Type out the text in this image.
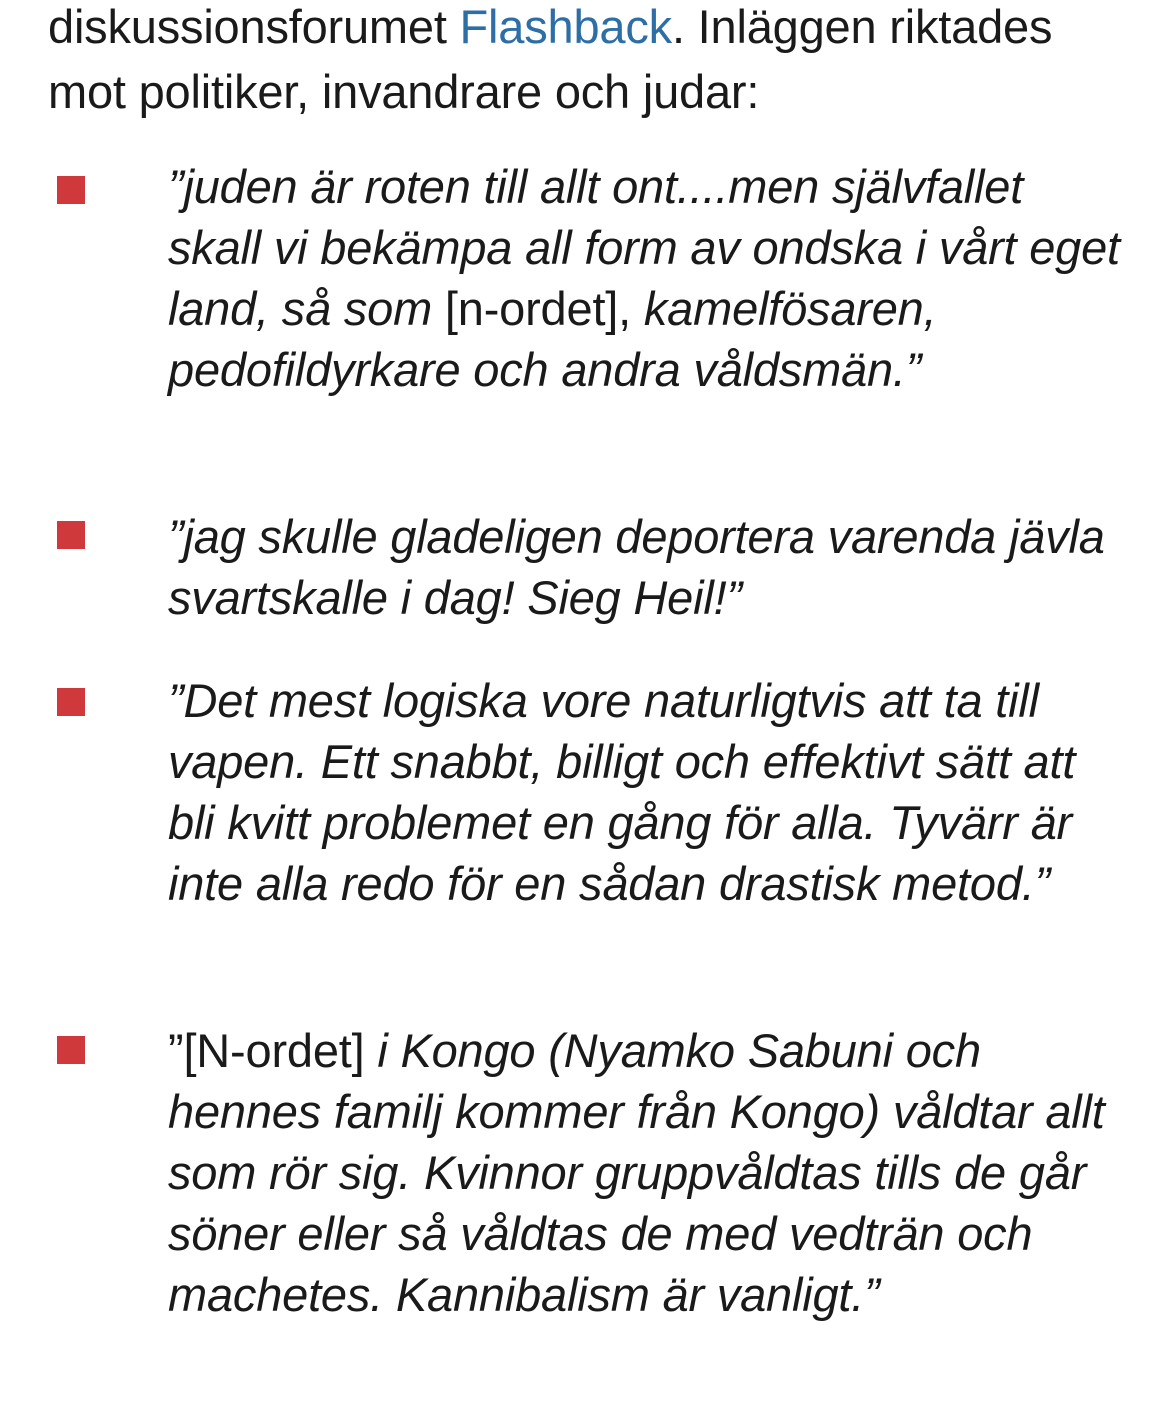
diskussionsforumet Flashback. Inläggen riktades mot politiker, invandrare och judar:

”juden är roten till allt ont....men självfallet skall vi bekämpa all form av ondska i vårt eget land, så som [n-ordet], kamelfösaren, pedofildyrkare och andra våldsmän.”

”jag skulle gladeligen deportera varenda jävla svartskalle i dag! Sieg Heil!”

”Det mest logiska vore naturligtvis att ta till vapen. Ett snabbt, billigt och effektivt sätt att bli kvitt problemet en gång för alla. Tyvärr är inte alla redo för en sådan drastisk metod.”

”[N-ordet] i Kongo (Nyamko Sabuni och hennes familj kommer från Kongo) våldtar allt som rör sig. Kvinnor gruppvåldtas tills de går söner eller så våldtas de med vedträn och machetes. Kannibalism är vanligt.”
